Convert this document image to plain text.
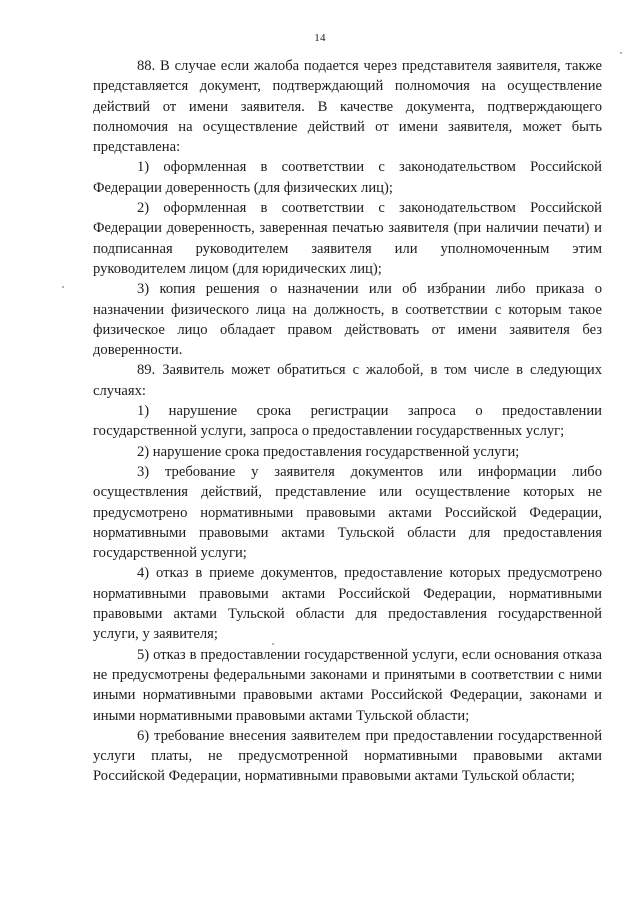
14

88. В случае если жалоба подается через представителя заявителя, также представляется документ, подтверждающий полномочия на осуществление действий от имени заявителя. В качестве документа, подтверждающего полномочия на осуществление действий от имени заявителя, может быть представлена:

1) оформленная в соответствии с законодательством Российской Федерации доверенность (для физических лиц);

2) оформленная в соответствии с законодательством Российской Федерации доверенность, заверенная печатью заявителя (при наличии печати) и подписанная руководителем заявителя или уполномоченным этим руководителем лицом (для юридических лиц);

3) копия решения о назначении или об избрании либо приказа о назначении физического лица на должность, в соответствии с которым такое физическое лицо обладает правом действовать от имени заявителя без доверенности.

89. Заявитель может обратиться с жалобой, в том числе в следующих случаях:

1) нарушение срока регистрации запроса о предоставлении государственной услуги, запроса о предоставлении государственных услуг;

2) нарушение срока предоставления государственной услуги;

3) требование у заявителя документов или информации либо осуществления действий, представление или осуществление которых не предусмотрено нормативными правовыми актами Российской Федерации, нормативными правовыми актами Тульской области для предоставления государственной услуги;

4) отказ в приеме документов, предоставление которых предусмотрено нормативными правовыми актами Российской Федерации, нормативными правовыми актами Тульской области для предоставления государственной услуги, у заявителя;

5) отказ в предоставлении государственной услуги, если основания отказа не предусмотрены федеральными законами и принятыми в соответствии с ними иными нормативными правовыми актами Российской Федерации, законами и иными нормативными правовыми актами Тульской области;

6) требование внесения заявителем при предоставлении государственной услуги платы, не предусмотренной нормативными правовыми актами Российской Федерации, нормативными правовыми актами Тульской области;
